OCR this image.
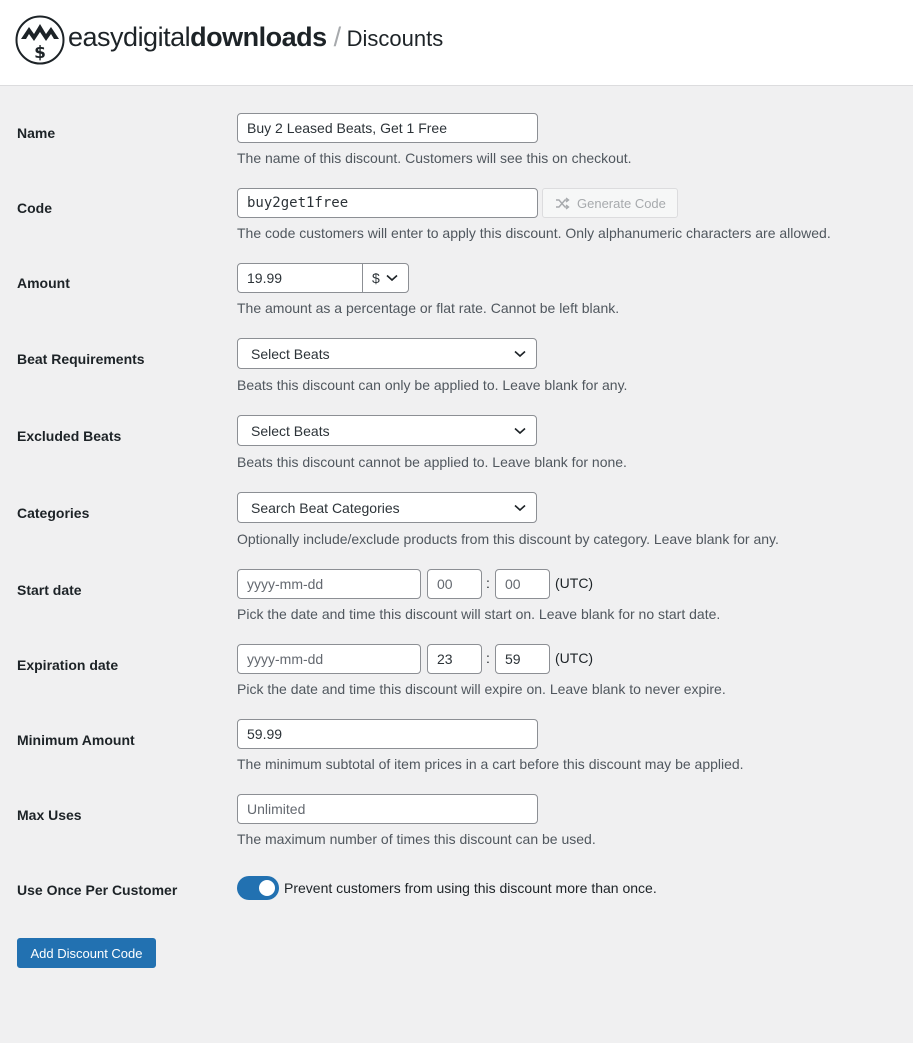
$
easydigitaldownloads / Discounts
Name	Buy 2 Leased Beats, Get 1 Free
The name of this discount. Customers will see this on checkout.
Code	buy2get1free	Generate Code
The code customers will enter to apply this discount. Only alphanumeric characters are allowed.
Amount	19.99	$
The amount as a percentage or flat rate. Cannot be left blank.
Beat Requirements	Select Beats
Beats this discount can only be applied to. Leave blank for any.
Excluded Beats	Select Beats
Beats this discount cannot be applied to. Leave blank for none.
Categories	Search Beat Categories
Optionally include/exclude products from this discount by category. Leave blank for any.
Start date	yyyy-mm-dd	00	:	00	(UTC)
Pick the date and time this discount will start on. Leave blank for no start date.
Expiration date	yyyy-mm-dd	23	:	59	(UTC)
Pick the date and time this discount will expire on. Leave blank to never expire.
Minimum Amount	59.99
The minimum subtotal of item prices in a cart before this discount may be applied.
Max Uses	Unlimited
The maximum number of times this discount can be used.
Use Once Per Customer	Prevent customers from using this discount more than once.
Add Discount Code
